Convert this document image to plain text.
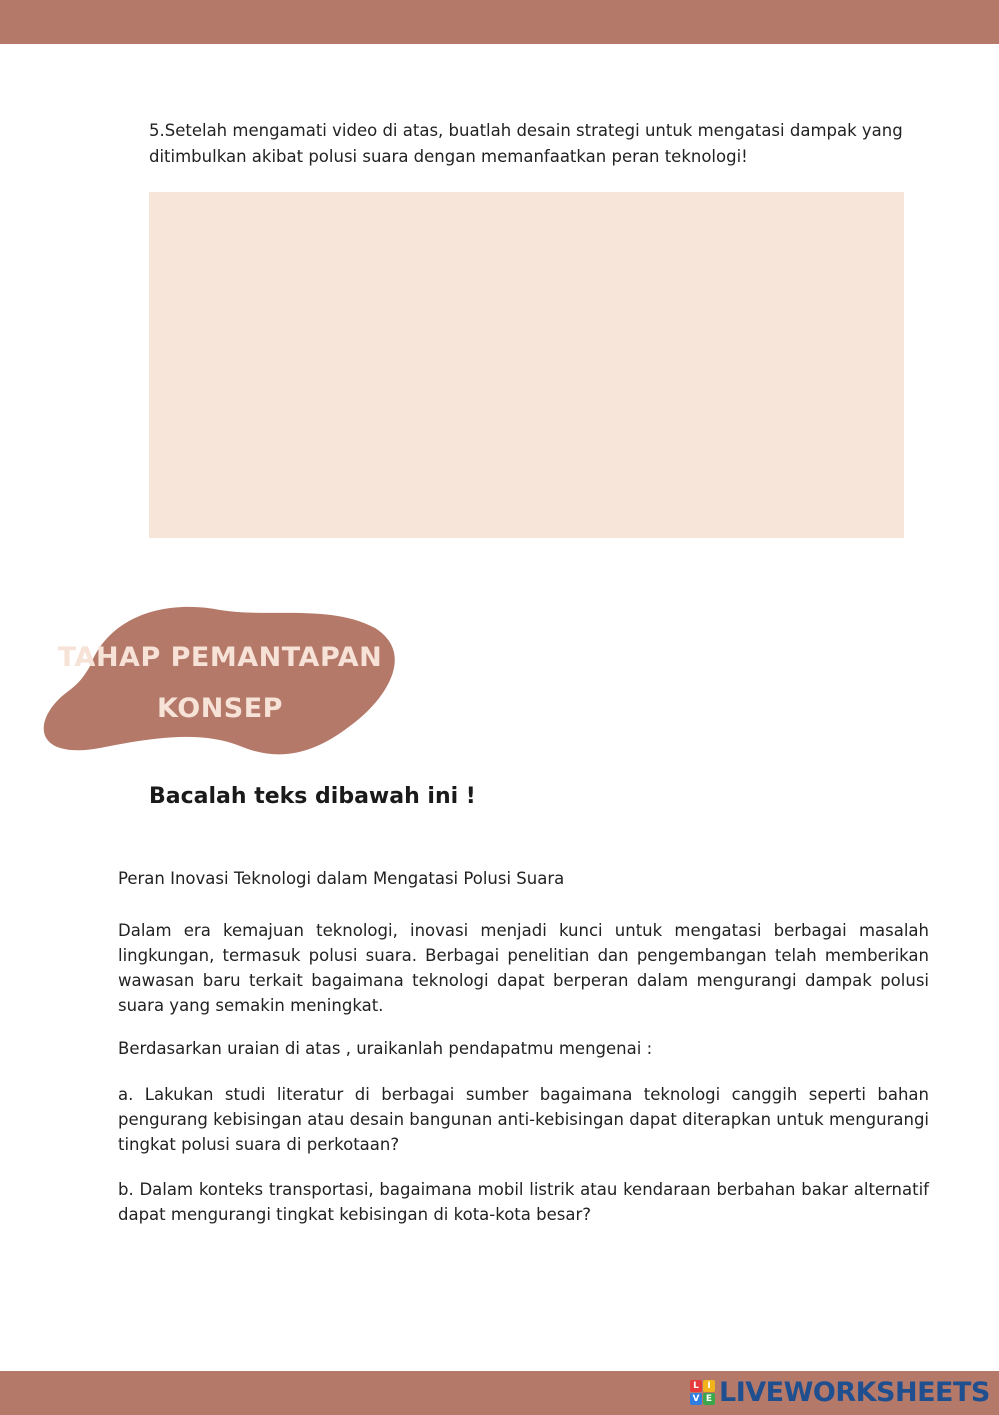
5.Setelah mengamati video di atas, buatlah desain strategi untuk mengatasi dampak yang ditimbulkan akibat polusi suara dengan memanfaatkan peran teknologi!
TAHAP PEMANTAPAN
KONSEP
Bacalah teks dibawah ini !
Peran Inovasi Teknologi dalam Mengatasi Polusi Suara
Dalam era kemajuan teknologi, inovasi menjadi kunci untuk mengatasi berbagai masalah lingkungan, termasuk polusi suara. Berbagai penelitian dan pengembangan telah memberikan wawasan baru terkait bagaimana teknologi dapat berperan dalam mengurangi dampak polusi suara yang semakin meningkat.
Berdasarkan uraian di atas , uraikanlah pendapatmu mengenai :
a. Lakukan studi literatur di berbagai sumber bagaimana teknologi canggih seperti bahan pengurang kebisingan atau desain bangunan anti-kebisingan dapat diterapkan untuk mengurangi tingkat polusi suara di perkotaan?
b. Dalam konteks transportasi, bagaimana mobil listrik atau kendaraan berbahan bakar alternatif dapat mengurangi tingkat kebisingan di kota-kota besar?
L I
V E LIVEWORKSHEETS
